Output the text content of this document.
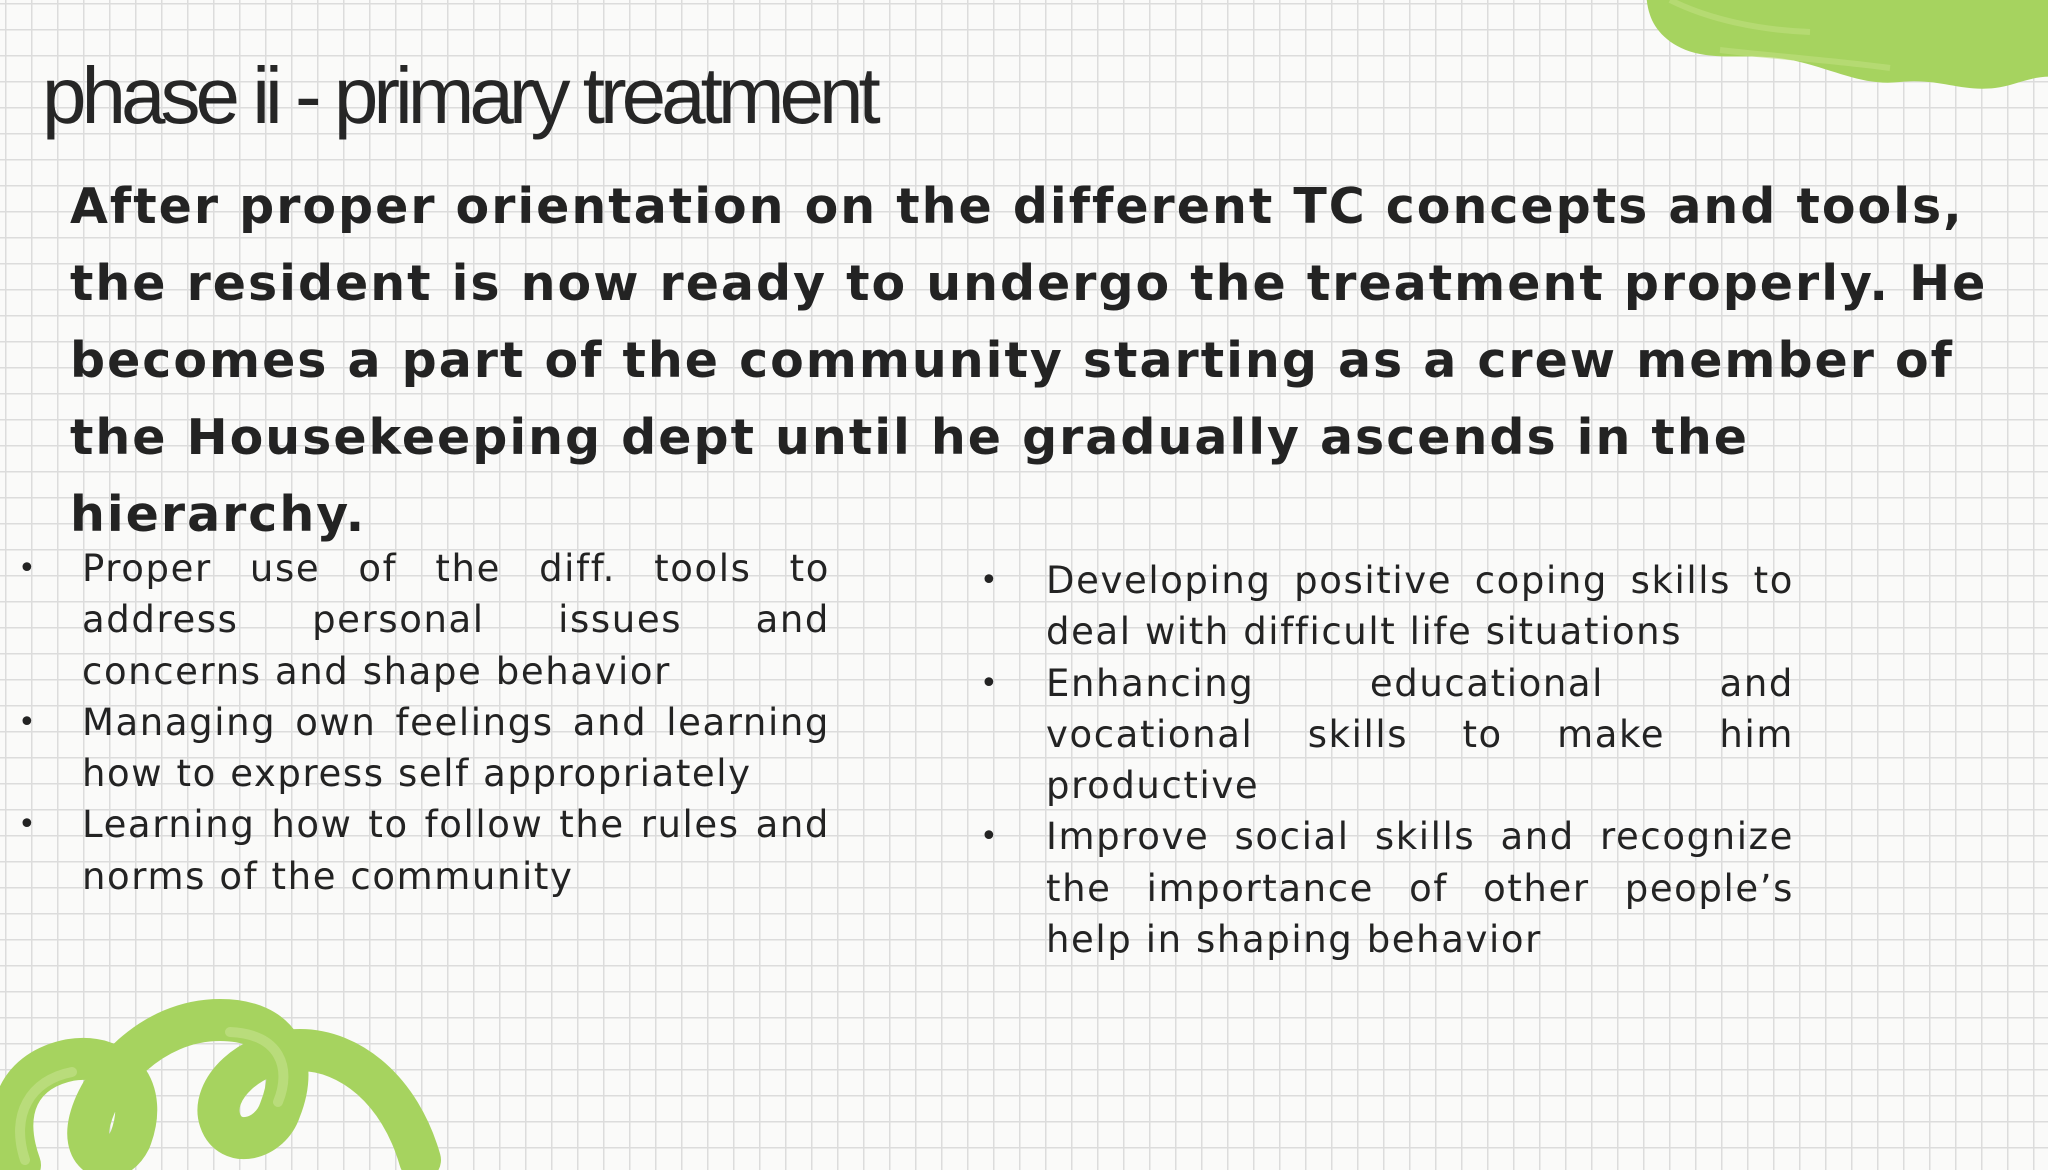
phase ii - primary treatment

After proper orientation on the different TC concepts and tools, the resident is now ready to undergo the treatment properly. He becomes a part of the community starting as a crew member of the Housekeeping dept until he gradually ascends in the hierarchy.

• Proper use of the diff. tools to address personal issues and concerns and shape behavior
• Managing own feelings and learning how to express self appropriately
• Learning how to follow the rules and norms of the community
• Developing positive coping skills to deal with difficult life situations
• Enhancing educational and vocational skills to make him productive
• Improve social skills and recognize the importance of other people’s help in shaping behavior
